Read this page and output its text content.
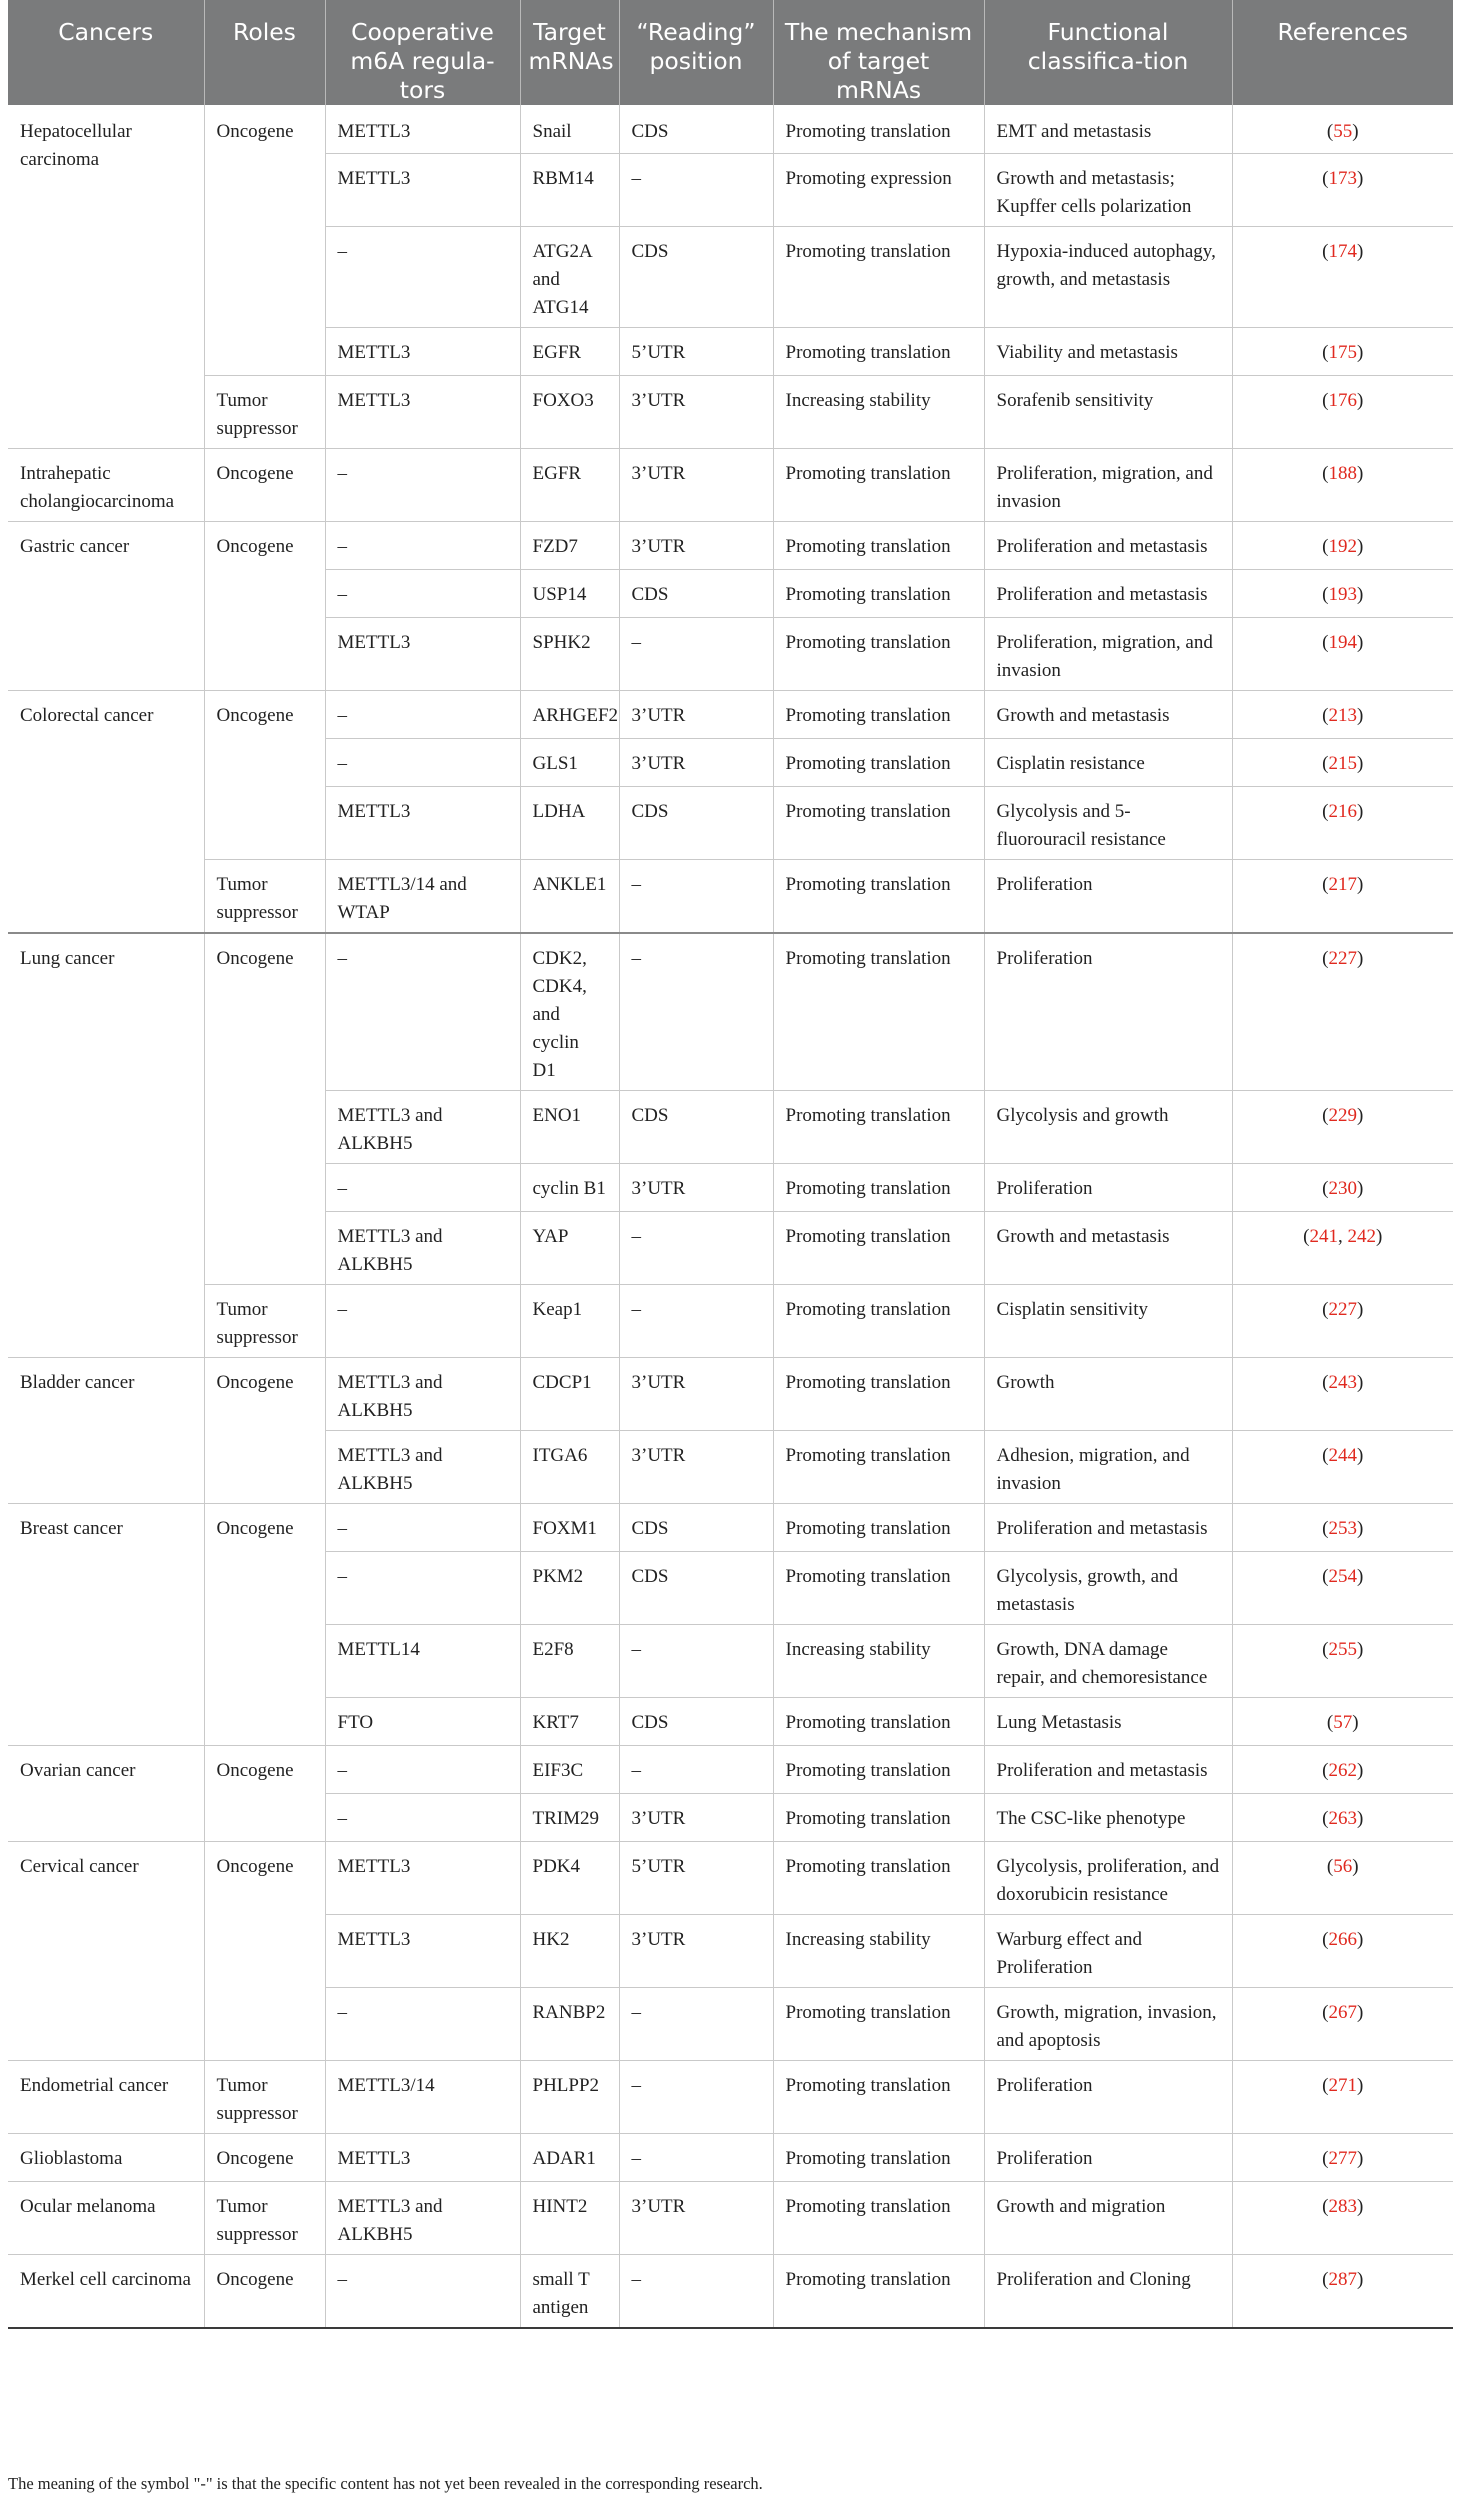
Cancers	Roles	Cooperative m6A regula-tors	Target mRNAs	“Reading” position	The mechanism of target mRNAs	Functional classifica-tion	References
Hepatocellular carcinoma	Oncogene	METTL3	Snail	CDS	Promoting translation	EMT and metastasis	(55)
		METTL3	RBM14	–	Promoting expression	Growth and metastasis; Kupffer cells polarization	(173)
		–	ATG2A and ATG14	CDS	Promoting translation	Hypoxia-induced autophagy, growth, and metastasis	(174)
		METTL3	EGFR	5’UTR	Promoting translation	Viability and metastasis	(175)
	Tumor suppressor	METTL3	FOXO3	3’UTR	Increasing stability	Sorafenib sensitivity	(176)
Intrahepatic cholangiocarcinoma	Oncogene	–	EGFR	3’UTR	Promoting translation	Proliferation, migration, and invasion	(188)
Gastric cancer	Oncogene	–	FZD7	3’UTR	Promoting translation	Proliferation and metastasis	(192)
		–	USP14	CDS	Promoting translation	Proliferation and metastasis	(193)
		METTL3	SPHK2	–	Promoting translation	Proliferation, migration, and invasion	(194)
Colorectal cancer	Oncogene	–	ARHGEF2	3’UTR	Promoting translation	Growth and metastasis	(213)
		–	GLS1	3’UTR	Promoting translation	Cisplatin resistance	(215)
		METTL3	LDHA	CDS	Promoting translation	Glycolysis and 5-fluorouracil resistance	(216)
	Tumor suppressor	METTL3/14 and WTAP	ANKLE1	–	Promoting translation	Proliferation	(217)
Lung cancer	Oncogene	–	CDK2, CDK4, and cyclin D1	–	Promoting translation	Proliferation	(227)
		METTL3 and ALKBH5	ENO1	CDS	Promoting translation	Glycolysis and growth	(229)
		–	cyclin B1	3’UTR	Promoting translation	Proliferation	(230)
		METTL3 and ALKBH5	YAP	–	Promoting translation	Growth and metastasis	(241, 242)
	Tumor suppressor	–	Keap1	–	Promoting translation	Cisplatin sensitivity	(227)
Bladder cancer	Oncogene	METTL3 and ALKBH5	CDCP1	3’UTR	Promoting translation	Growth	(243)
		METTL3 and ALKBH5	ITGA6	3’UTR	Promoting translation	Adhesion, migration, and invasion	(244)
Breast cancer	Oncogene	–	FOXM1	CDS	Promoting translation	Proliferation and metastasis	(253)
		–	PKM2	CDS	Promoting translation	Glycolysis, growth, and metastasis	(254)
		METTL14	E2F8	–	Increasing stability	Growth, DNA damage repair, and chemoresistance	(255)
		FTO	KRT7	CDS	Promoting translation	Lung Metastasis	(57)
Ovarian cancer	Oncogene	–	EIF3C	–	Promoting translation	Proliferation and metastasis	(262)
		–	TRIM29	3’UTR	Promoting translation	The CSC-like phenotype	(263)
Cervical cancer	Oncogene	METTL3	PDK4	5’UTR	Promoting translation	Glycolysis, proliferation, and doxorubicin resistance	(56)
		METTL3	HK2	3’UTR	Increasing stability	Warburg effect and Proliferation	(266)
		–	RANBP2	–	Promoting translation	Growth, migration, invasion, and apoptosis	(267)
Endometrial cancer	Tumor suppressor	METTL3/14	PHLPP2	–	Promoting translation	Proliferation	(271)
Glioblastoma	Oncogene	METTL3	ADAR1	–	Promoting translation	Proliferation	(277)
Ocular melanoma	Tumor suppressor	METTL3 and ALKBH5	HINT2	3’UTR	Promoting translation	Growth and migration	(283)
Merkel cell carcinoma	Oncogene	–	small T antigen	–	Promoting translation	Proliferation and Cloning	(287)
The meaning of the symbol "-" is that the specific content has not yet been revealed in the corresponding research.
